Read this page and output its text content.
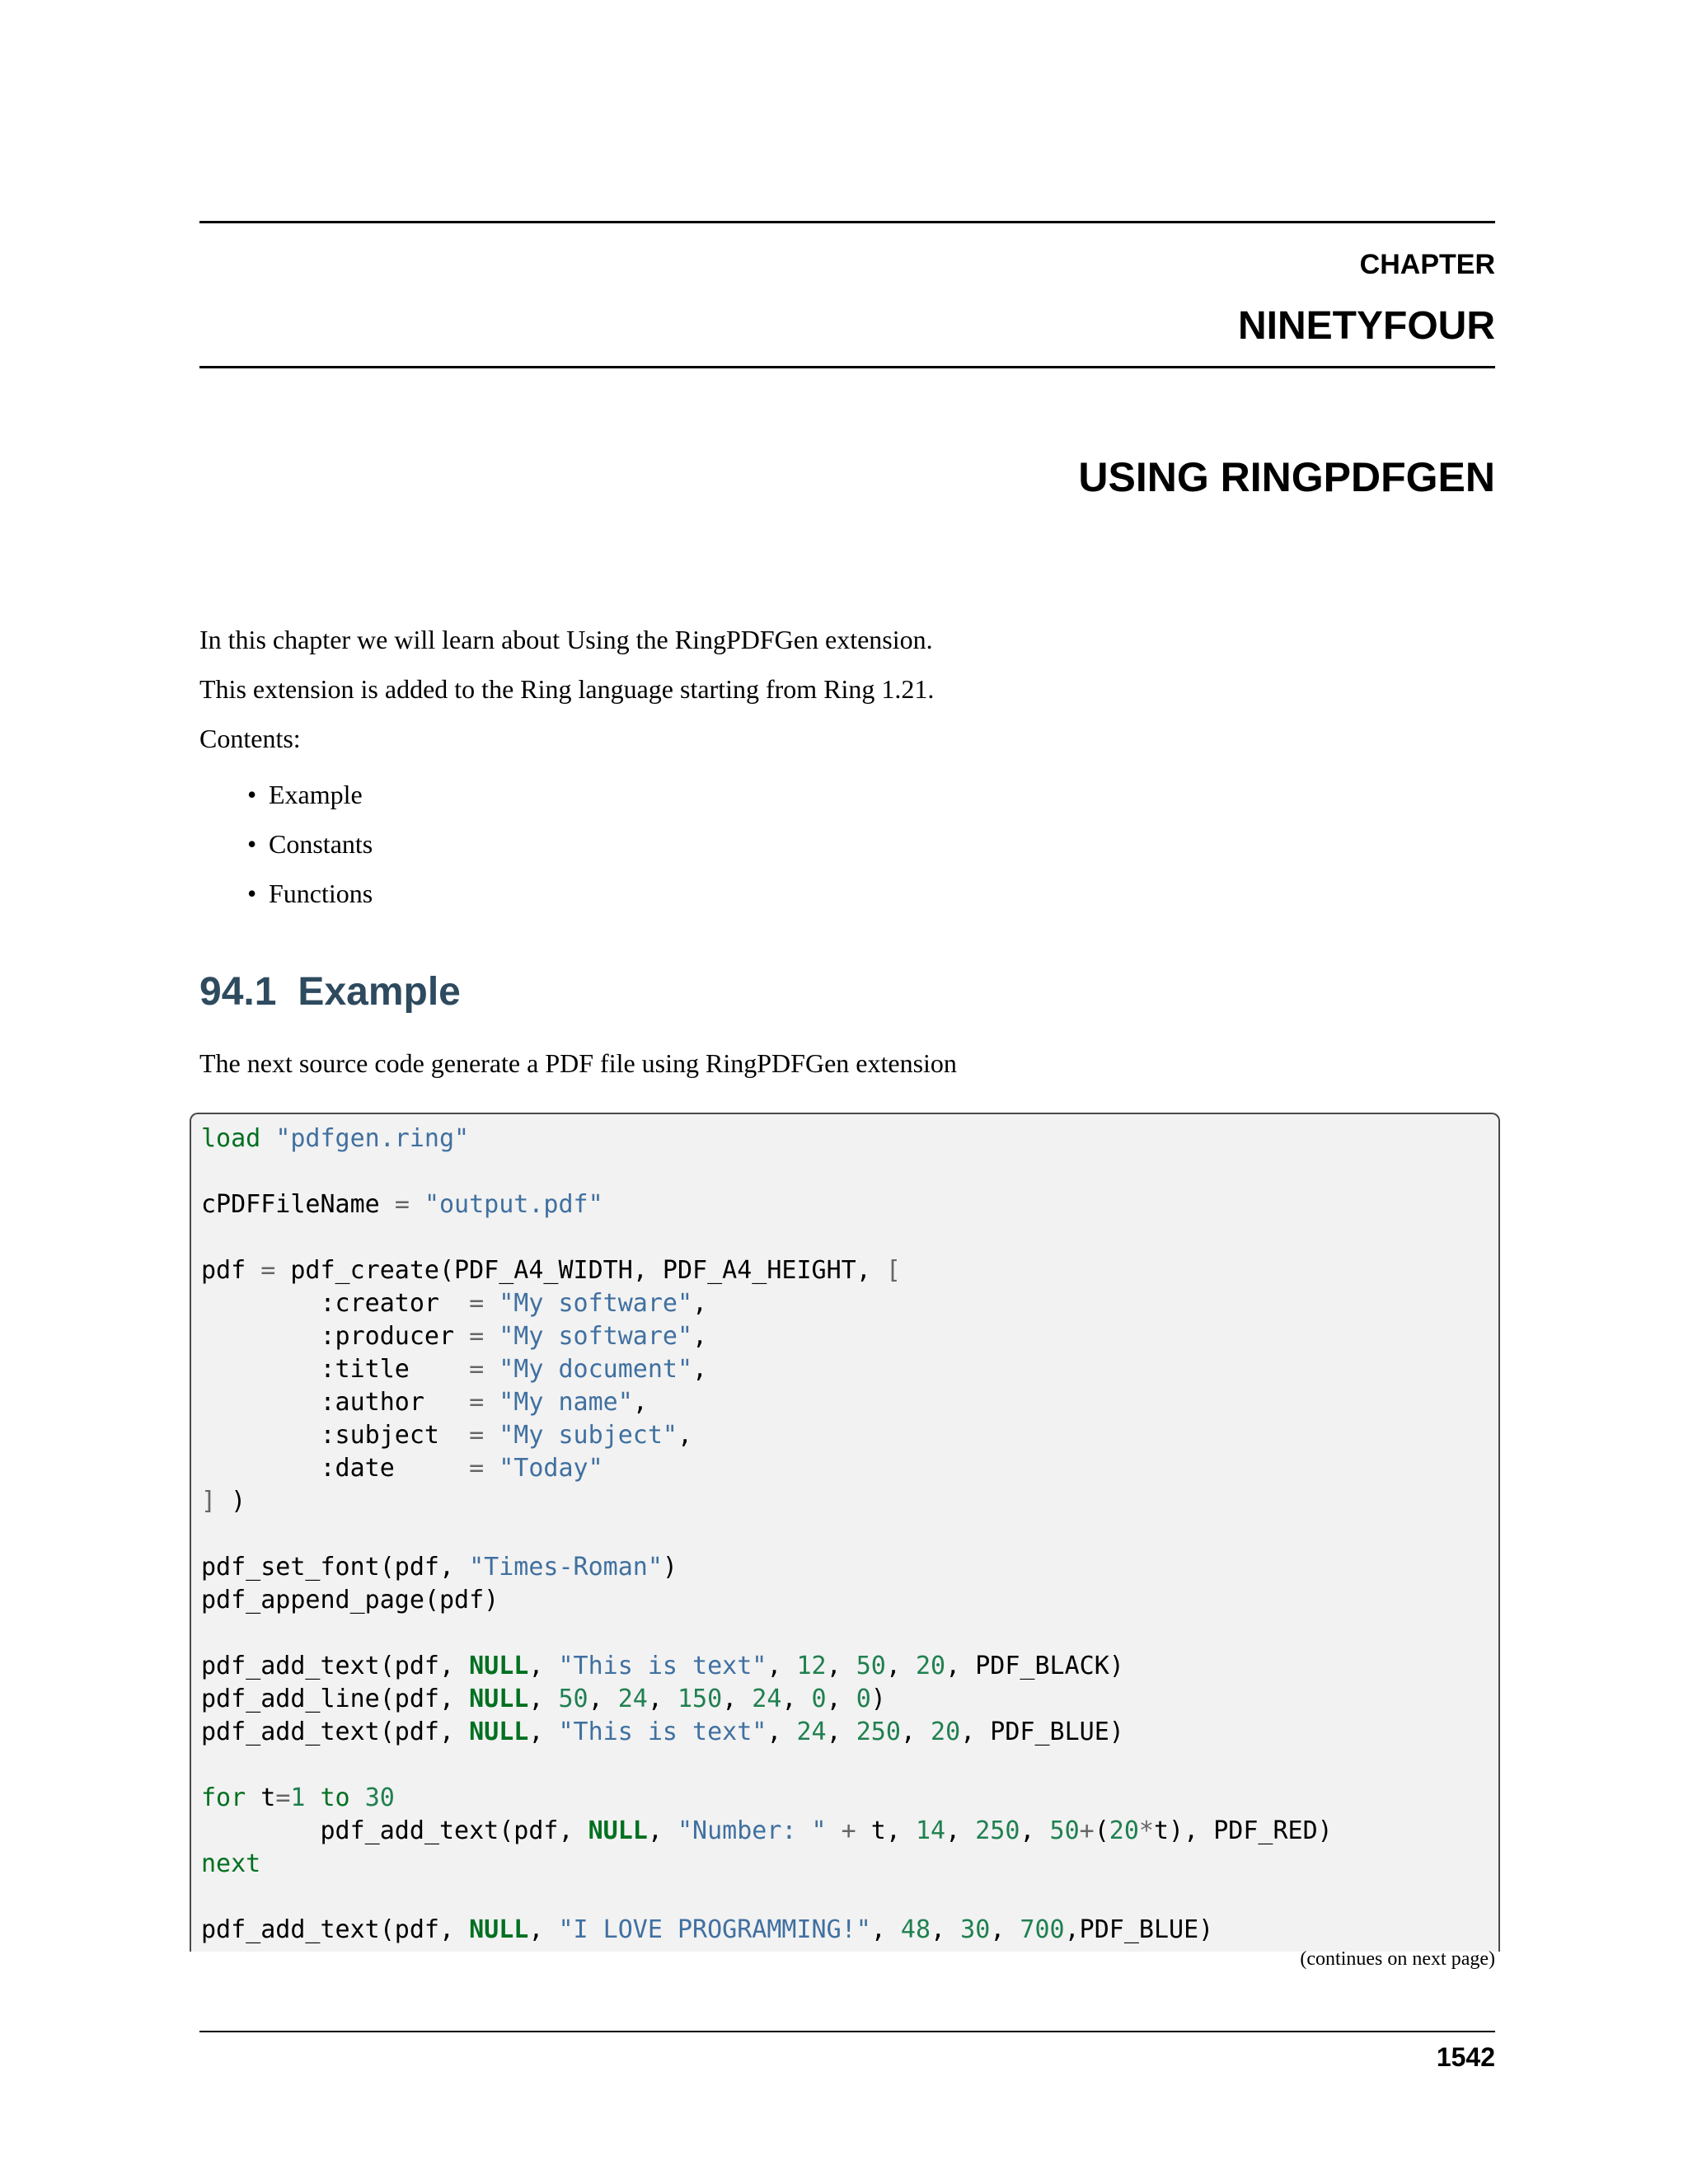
CHAPTER
NINETYFOUR
USING RINGPDFGEN
In this chapter we will learn about Using the RingPDFGen extension.
This extension is added to the Ring language starting from Ring 1.21.
Contents:
• Example
• Constants
• Functions
94.1 Example
The next source code generate a PDF file using RingPDFGen extension
load "pdfgen.ring"

cPDFFileName = "output.pdf"

pdf = pdf_create(PDF_A4_WIDTH, PDF_A4_HEIGHT, [
:creator  = "My software",
:producer = "My software",
:title    = "My document",
:author   = "My name",
:subject  = "My subject",
:date     = "Today"
] )

pdf_set_font(pdf, "Times-Roman")
pdf_append_page(pdf)

pdf_add_text(pdf, NULL, "This is text", 12, 50, 20, PDF_BLACK)
pdf_add_line(pdf, NULL, 50, 24, 150, 24, 0, 0)
pdf_add_text(pdf, NULL, "This is text", 24, 250, 20, PDF_BLUE)

for t=1 to 30
pdf_add_text(pdf, NULL, "Number: " + t, 14, 250, 50+(20*t), PDF_RED)
next

pdf_add_text(pdf, NULL, "I LOVE PROGRAMMING!", 48, 30, 700,PDF_BLUE)
(continues on next page)
1542
